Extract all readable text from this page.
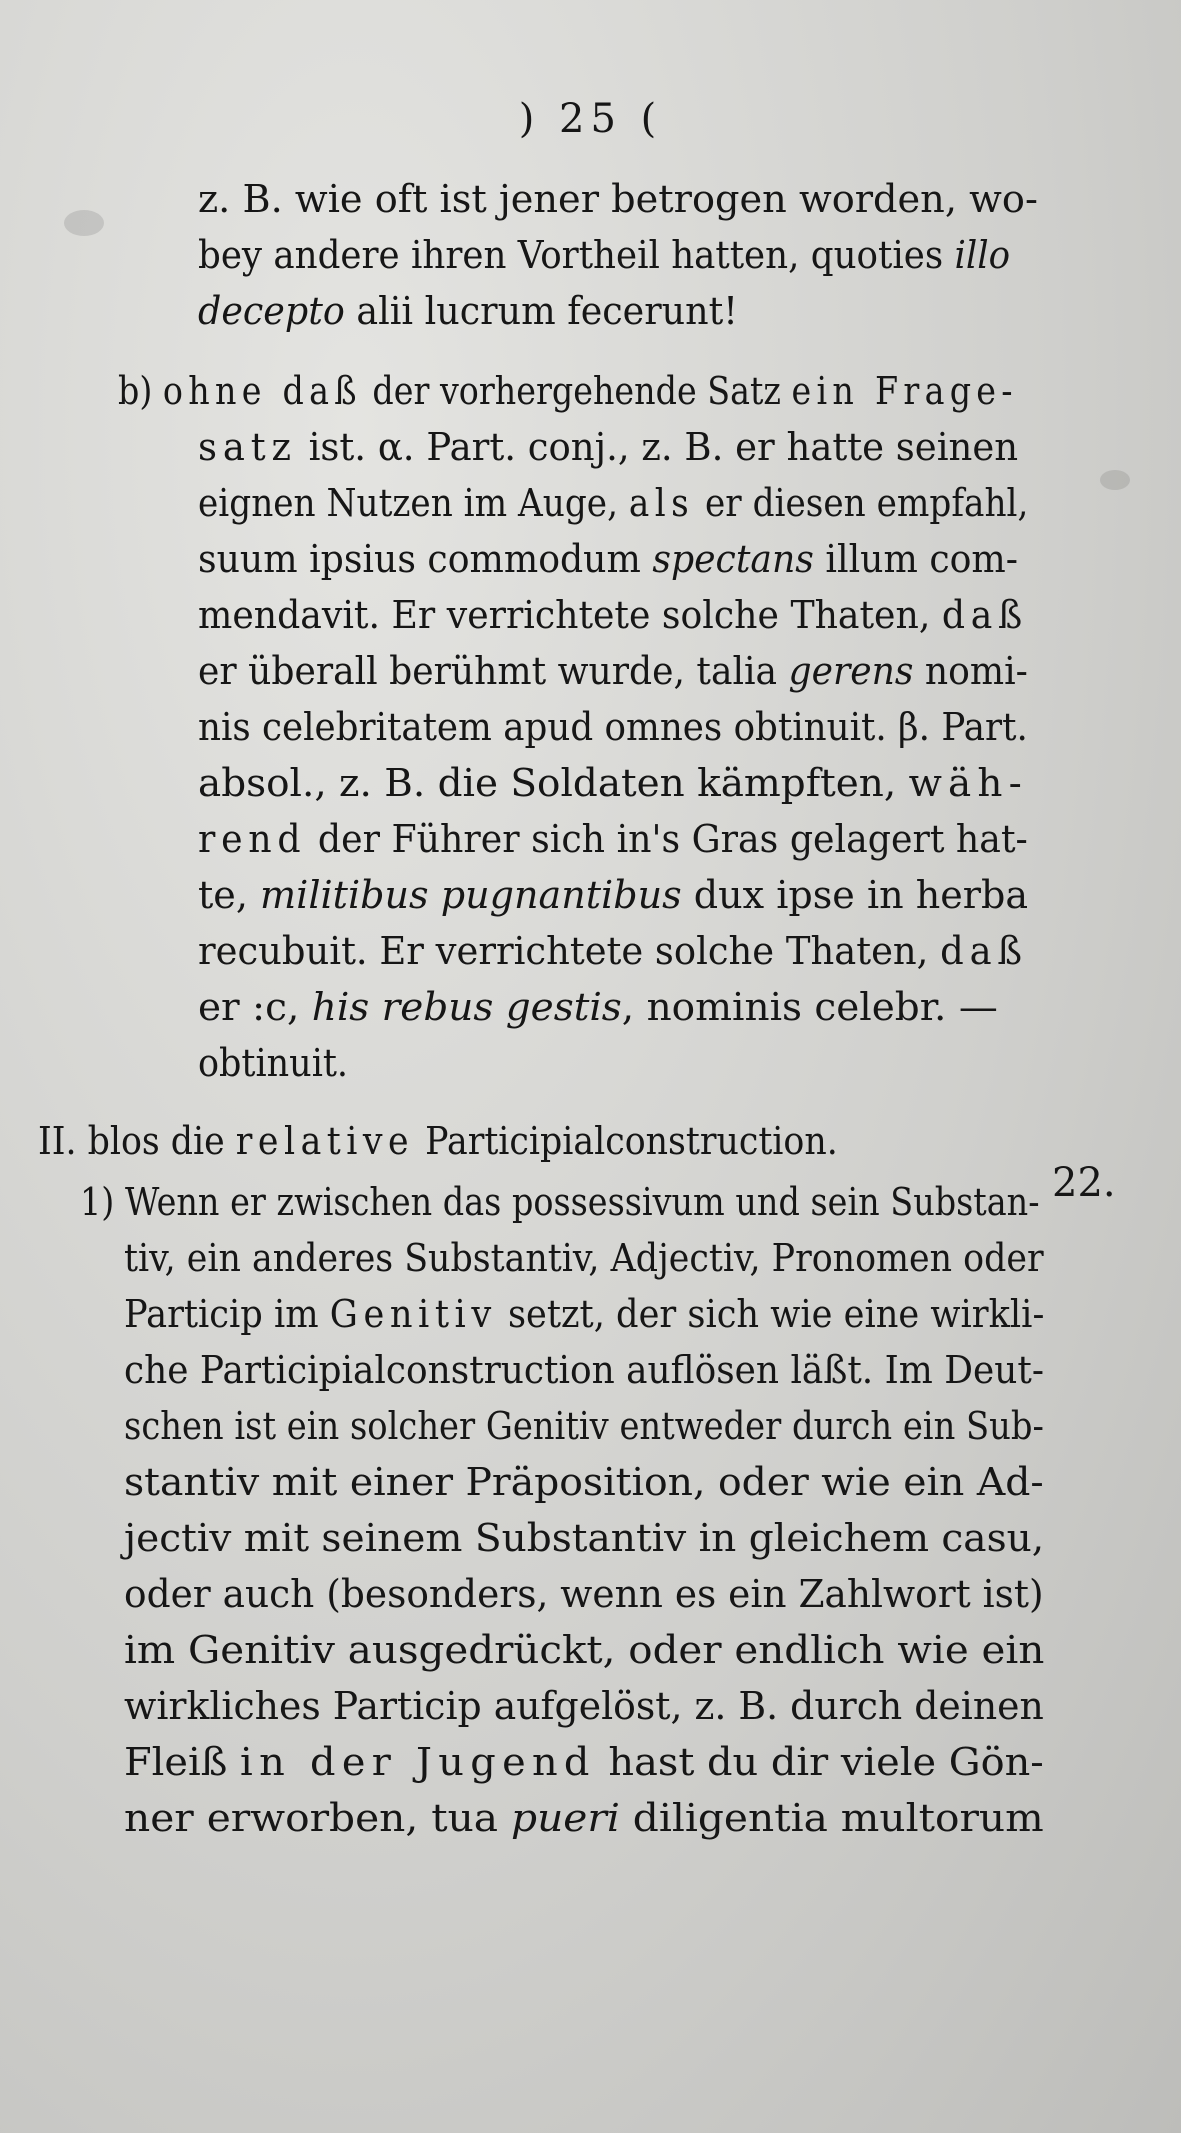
) 25 (
z. B. wie oft ist jener betrogen worden, wo-
bey andere ihren Vortheil hatten, quoties illo
decepto alii lucrum fecerunt!
b) ohne daß der vorhergehende Satz ein Frage-
satz ist. α. Part. conj., z. B. er hatte seinen
eignen Nutzen im Auge, als er diesen empfahl,
suum ipsius commodum spectans illum com-
mendavit. Er verrichtete solche Thaten, daß
er überall berühmt wurde, talia gerens nomi-
nis celebritatem apud omnes obtinuit. β. Part.
absol., z. B. die Soldaten kämpften, wäh-
rend der Führer sich in's Gras gelagert hat-
te, militibus pugnantibus dux ipse in herba
recubuit. Er verrichtete solche Thaten, daß
er :c, his rebus gestis, nominis celebr. —
obtinuit.
II. blos die relative Participialconstruction.
1) Wenn er zwischen das possessivum und sein Substan-
tiv, ein anderes Substantiv, Adjectiv, Pronomen oder
Particip im Genitiv setzt, der sich wie eine wirkli-
che Participialconstruction auflösen läßt. Im Deut-
schen ist ein solcher Genitiv entweder durch ein Sub-
stantiv mit einer Präposition, oder wie ein Ad-
jectiv mit seinem Substantiv in gleichem casu,
oder auch (besonders, wenn es ein Zahlwort ist)
im Genitiv ausgedrückt, oder endlich wie ein
wirkliches Particip aufgelöst, z. B. durch deinen
Fleiß in der Jugend hast du dir viele Gön-
ner erworben, tua pueri diligentia multorum
22.
